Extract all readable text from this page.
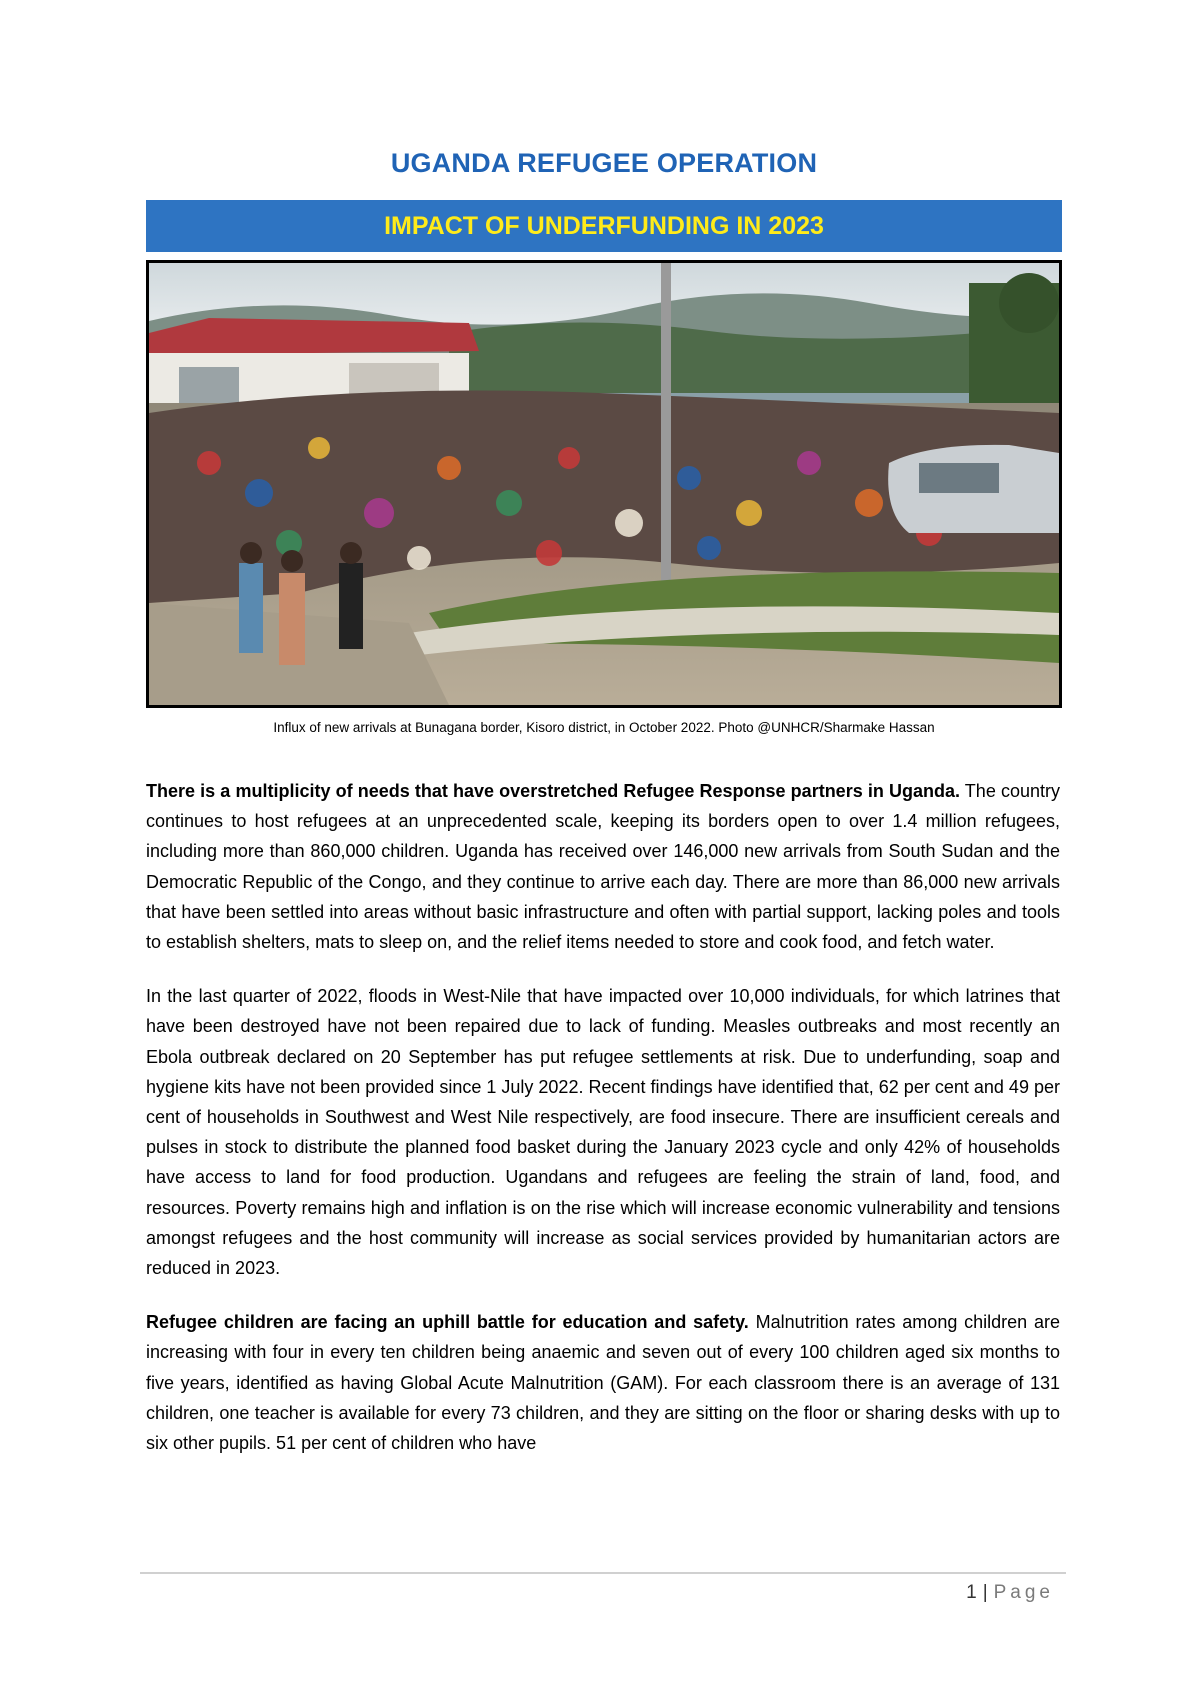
UGANDA REFUGEE OPERATION
IMPACT OF UNDERFUNDING IN 2023
Influx of new arrivals at Bunagana border, Kisoro district, in October 2022. Photo @UNHCR/Sharmake Hassan

There is a multiplicity of needs that have overstretched Refugee Response partners in Uganda. The country continues to host refugees at an unprecedented scale, keeping its borders open to over 1.4 million refugees, including more than 860,000 children. Uganda has received over 146,000 new arrivals from South Sudan and the Democratic Republic of the Congo, and they continue to arrive each day. There are more than 86,000 new arrivals that have been settled into areas without basic infrastructure and often with partial support, lacking poles and tools to establish shelters, mats to sleep on, and the relief items needed to store and cook food, and fetch water.

In the last quarter of 2022, floods in West-Nile that have impacted over 10,000 individuals, for which latrines that have been destroyed have not been repaired due to lack of funding. Measles outbreaks and most recently an Ebola outbreak declared on 20 September has put refugee settlements at risk. Due to underfunding, soap and hygiene kits have not been provided since 1 July 2022. Recent findings have identified that, 62 per cent and 49 per cent of households in Southwest and West Nile respectively, are food insecure. There are insufficient cereals and pulses in stock to distribute the planned food basket during the January 2023 cycle and only 42% of households have access to land for food production. Ugandans and refugees are feeling the strain of land, food, and resources. Poverty remains high and inflation is on the rise which will increase economic vulnerability and tensions amongst refugees and the host community will increase as social services provided by humanitarian actors are reduced in 2023.

Refugee children are facing an uphill battle for education and safety. Malnutrition rates among children are increasing with four in every ten children being anaemic and seven out of every 100 children aged six months to five years, identified as having Global Acute Malnutrition (GAM). For each classroom there is an average of 131 children, one teacher is available for every 73 children, and they are sitting on the floor or sharing desks with up to six other pupils. 51 per cent of children who have

1 | Page
